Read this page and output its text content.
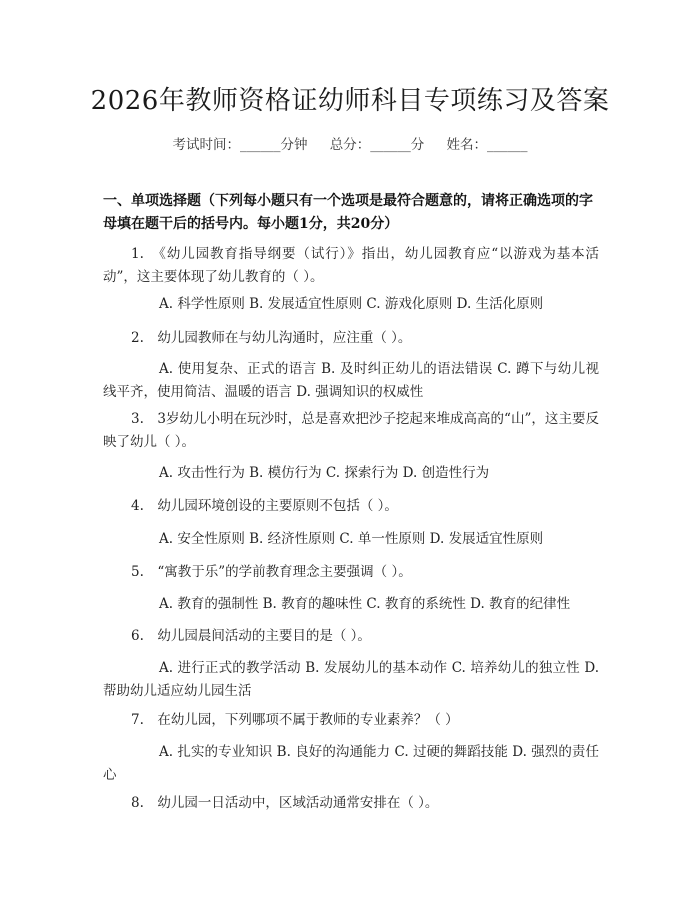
2026年教师资格证幼师科目专项练习及答案
考试时间：______分钟 总分：______分 姓名：______
一、单项选择题（下列每小题只有一个选项是最符合题意的，请将正确选项的字母填在题干后的括号内。每小题1分，共20分）
1.　《幼儿园教育指导纲要（试行）》指出，幼儿园教育应“以游戏为基本活动”，这主要体现了幼儿教育的（ ）。
A. 科学性原则 B. 发展适宜性原则 C. 游戏化原则 D. 生活化原则
2.　幼儿园教师在与幼儿沟通时，应注重（ ）。
A. 使用复杂、正式的语言 B. 及时纠正幼儿的语法错误 C. 蹲下与幼儿视线平齐，使用简洁、温暖的语言 D. 强调知识的权威性
3.　3岁幼儿小明在玩沙时，总是喜欢把沙子挖起来堆成高高的“山”，这主要反映了幼儿（ ）。
A. 攻击性行为 B. 模仿行为 C. 探索行为 D. 创造性行为
4.　幼儿园环境创设的主要原则不包括（ ）。
A. 安全性原则 B. 经济性原则 C. 单一性原则 D. 发展适宜性原则
5.　“寓教于乐”的学前教育理念主要强调（ ）。
A. 教育的强制性 B. 教育的趣味性 C. 教育的系统性 D. 教育的纪律性
6.　幼儿园晨间活动的主要目的是（ ）。
A. 进行正式的教学活动 B. 发展幼儿的基本动作 C. 培养幼儿的独立性 D. 帮助幼儿适应幼儿园生活
7.　在幼儿园，下列哪项不属于教师的专业素养？（ ）
A. 扎实的专业知识 B. 良好的沟通能力 C. 过硬的舞蹈技能 D. 强烈的责任心
8.　幼儿园一日活动中，区域活动通常安排在（ ）。
